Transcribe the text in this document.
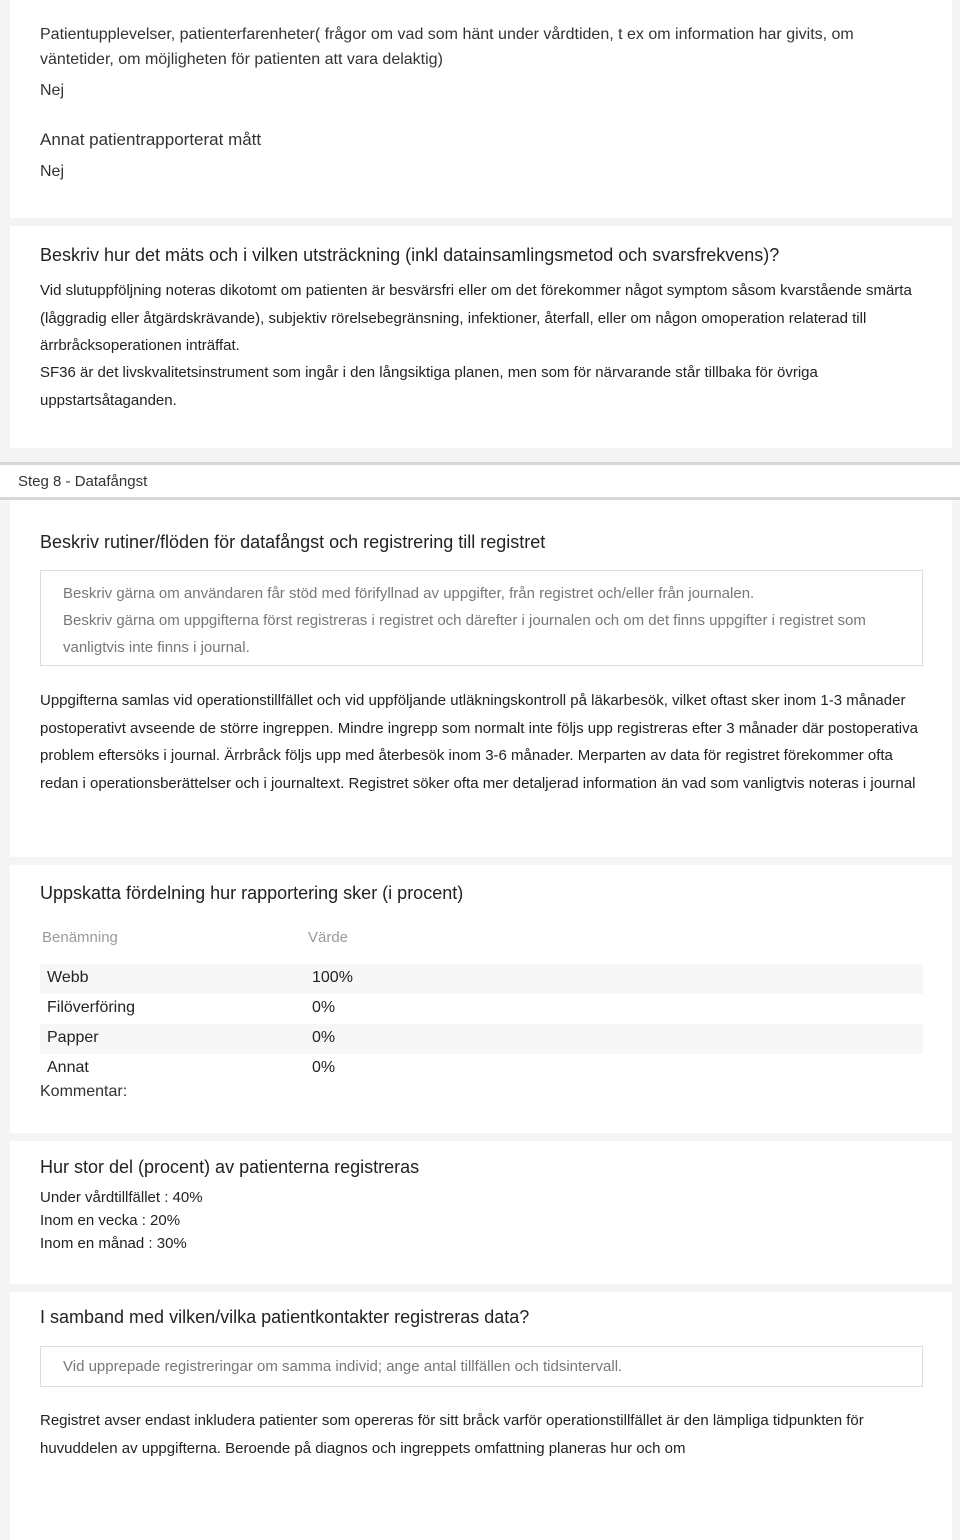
Patientupplevelser, patienterfarenheter( frågor om vad som hänt under vårdtiden, t ex om information har givits, om väntetider, om möjligheten för patienten att vara delaktig)
Nej
Annat patientrapporterat mått
Nej
Beskriv hur det mäts och i vilken utsträckning (inkl datainsamlingsmetod och svarsfrekvens)?
Vid slutuppföljning noteras dikotomt om patienten är besvärsfri eller om det förekommer något symptom såsom kvarstående smärta (låggradig eller åtgärdskrävande), subjektiv rörelsebegränsning, infektioner, återfall, eller om någon omoperation relaterad till ärrbråcksoperationen inträffat.
SF36 är det livskvalitetsinstrument som ingår i den långsiktiga planen, men som för närvarande står tillbaka för övriga uppstartsåtaganden.
Steg 8 - Datafångst
Beskriv rutiner/flöden för datafångst och registrering till registret

Beskriv gärna om användaren får stöd med förifyllnad av uppgifter, från registret och/eller från journalen.

Beskriv gärna om uppgifterna först registreras i registret och därefter i journalen och om det finns uppgifter i registret som vanligtvis inte finns i journal.

Uppgifterna samlas vid operationstillfället och vid uppföljande utläkningskontroll på läkarbesök, vilket oftast sker inom 1-3 månader postoperativt avseende de större ingreppen. Mindre ingrepp som normalt inte följs upp registreras efter 3 månader där postoperativa problem eftersöks i journal. Ärrbråck följs upp med återbesök inom 3-6 månader. Merparten av data för registret förekommer ofta redan i operationsberättelser och i journaltext. Registret söker ofta mer detaljerad information än vad som vanligtvis noteras i journal
Uppskatta fördelning hur rapportering sker (i procent)
Benämning	Värde
Webb	100%
Filöverföring	0%
Papper	0%
Annat	0%
Kommentar:
Hur stor del (procent) av patienterna registreras
Under vårdtillfället : 40%
Inom en vecka : 20%
Inom en månad : 30%
I samband med vilken/vilka patientkontakter registreras data?

Vid upprepade registreringar om samma individ; ange antal tillfällen och tidsintervall.

Registret avser endast inkludera patienter som opereras för sitt bråck varför operationstillfället är den lämpliga tidpunkten för huvuddelen av uppgifterna. Beroende på diagnos och ingreppets omfattning planeras hur och om
